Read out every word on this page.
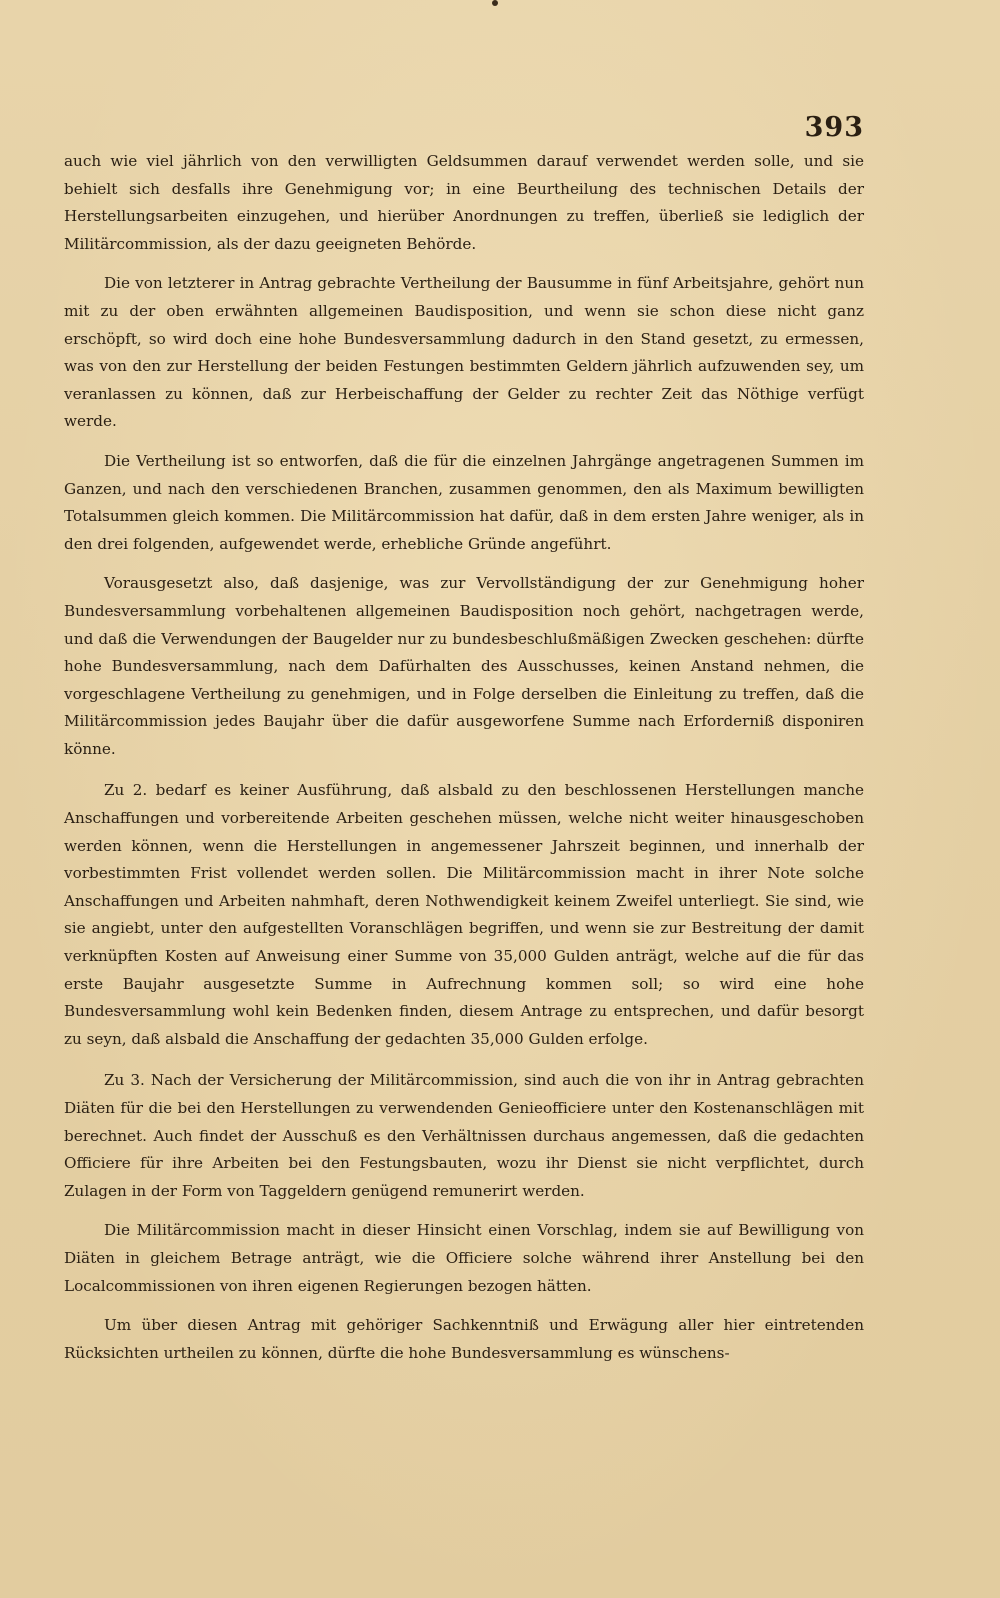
393

auch wie viel jährlich von den verwilligten Geldsummen darauf verwendet werden solle, und sie behielt sich desfalls ihre Genehmigung vor; in eine Beurtheilung des technischen Details der Herstellungsarbeiten einzugehen, und hierüber Anordnungen zu treffen, überließ sie lediglich der Militärcommission, als der dazu geeigneten Behörde.

Die von letzterer in Antrag gebrachte Vertheilung der Bausumme in fünf Arbeitsjahre, gehört nun mit zu der oben erwähnten allgemeinen Baudisposition, und wenn sie schon diese nicht ganz erschöpft, so wird doch eine hohe Bundesversammlung dadurch in den Stand gesetzt, zu ermessen, was von den zur Herstellung der beiden Festungen bestimmten Geldern jährlich aufzuwenden sey, um veranlassen zu können, daß zur Herbeischaffung der Gelder zu rechter Zeit das Nöthige verfügt werde.

Die Vertheilung ist so entworfen, daß die für die einzelnen Jahrgänge angetragenen Summen im Ganzen, und nach den verschiedenen Branchen, zusammen genommen, den als Maximum bewilligten Totalsummen gleich kommen. Die Militärcommission hat dafür, daß in dem ersten Jahre weniger, als in den drei folgenden, aufgewendet werde, erhebliche Gründe angeführt.

Vorausgesetzt also, daß dasjenige, was zur Vervollständigung der zur Genehmigung hoher Bundesversammlung vorbehaltenen allgemeinen Baudisposition noch gehört, nachgetragen werde, und daß die Verwendungen der Baugelder nur zu bundesbeschlußmäßigen Zwecken geschehen: dürfte hohe Bundesversammlung, nach dem Dafürhalten des Ausschusses, keinen Anstand nehmen, die vorgeschlagene Vertheilung zu genehmigen, und in Folge derselben die Einleitung zu treffen, daß die Militärcommission jedes Baujahr über die dafür ausgeworfene Summe nach Erforderniß disponiren könne.

Zu 2. bedarf es keiner Ausführung, daß alsbald zu den beschlossenen Herstellungen manche Anschaffungen und vorbereitende Arbeiten geschehen müssen, welche nicht weiter hinausgeschoben werden können, wenn die Herstellungen in angemessener Jahrszeit beginnen, und innerhalb der vorbestimmten Frist vollendet werden sollen. Die Militärcommission macht in ihrer Note solche Anschaffungen und Arbeiten nahmhaft, deren Nothwendigkeit keinem Zweifel unterliegt. Sie sind, wie sie angiebt, unter den aufgestellten Voranschlägen begriffen, und wenn sie zur Bestreitung der damit verknüpften Kosten auf Anweisung einer Summe von 35,000 Gulden anträgt, welche auf die für das erste Baujahr ausgesetzte Summe in Aufrechnung kommen soll; so wird eine hohe Bundesversammlung wohl kein Bedenken finden, diesem Antrage zu entsprechen, und dafür besorgt zu seyn, daß alsbald die Anschaffung der gedachten 35,000 Gulden erfolge.

Zu 3. Nach der Versicherung der Militärcommission, sind auch die von ihr in Antrag gebrachten Diäten für die bei den Herstellungen zu verwendenden Genieofficiere unter den Kostenanschlägen mit berechnet. Auch findet der Ausschuß es den Verhältnissen durchaus angemessen, daß die gedachten Officiere für ihre Arbeiten bei den Festungsbauten, wozu ihr Dienst sie nicht verpflichtet, durch Zulagen in der Form von Taggeldern genügend remunerirt werden.

Die Militärcommission macht in dieser Hinsicht einen Vorschlag, indem sie auf Bewilligung von Diäten in gleichem Betrage anträgt, wie die Officiere solche während ihrer Anstellung bei den Localcommissionen von ihren eigenen Regierungen bezogen hätten.

Um über diesen Antrag mit gehöriger Sachkenntniß und Erwägung aller hier eintretenden Rücksichten urtheilen zu können, dürfte die hohe Bundesversammlung es wünschens-
